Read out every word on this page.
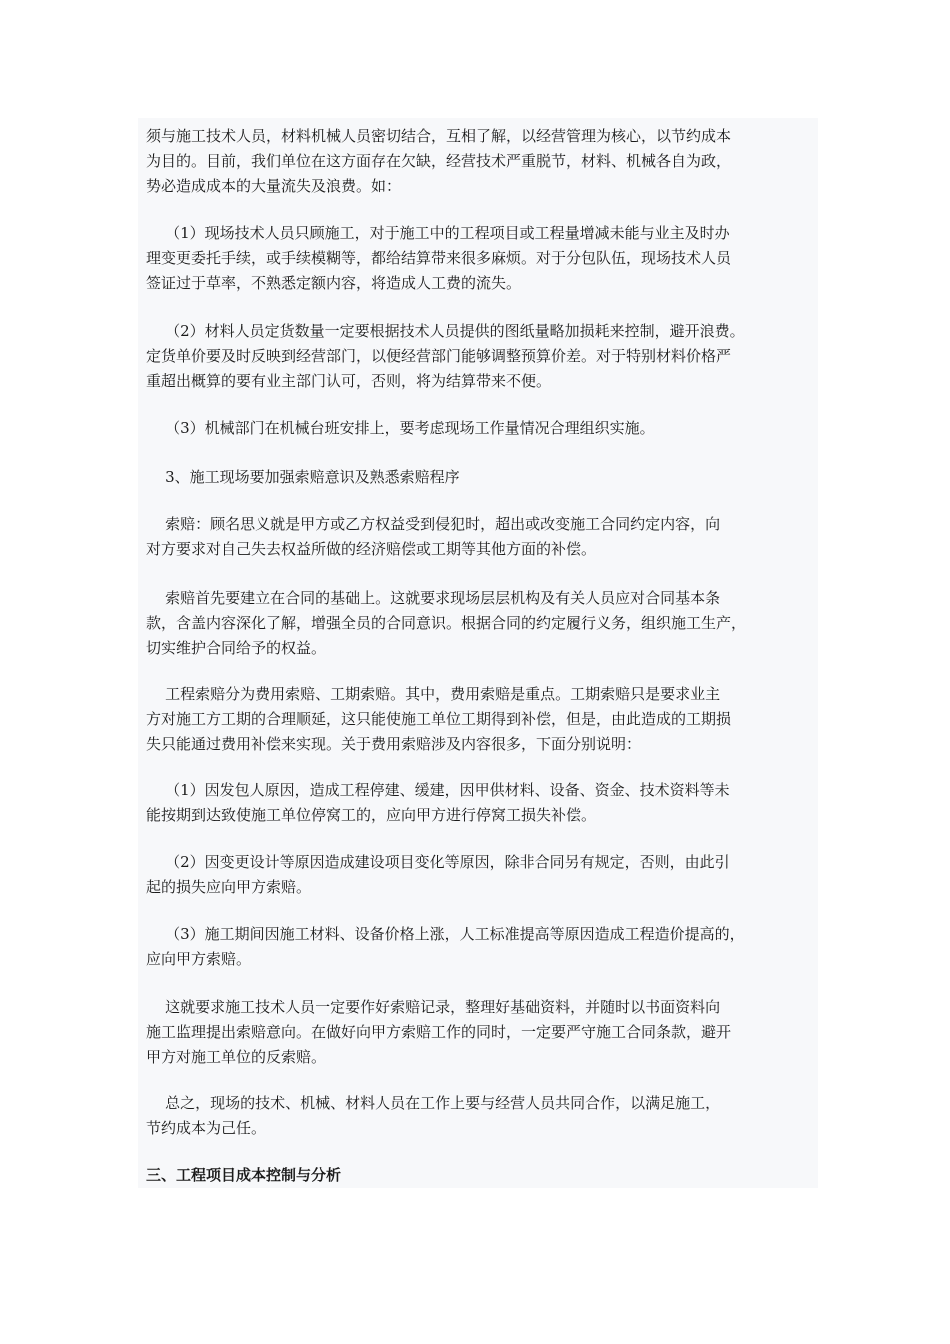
须与施工技术人员，材料机械人员密切结合，互相了解，以经营管理为核心，以节约成本
为目的。目前，我们单位在这方面存在欠缺，经营技术严重脱节，材料、机械各自为政，
势必造成成本的大量流失及浪费。如：

（1）现场技术人员只顾施工，对于施工中的工程项目或工程量增减未能与业主及时办
理变更委托手续，或手续模糊等，都给结算带来很多麻烦。对于分包队伍，现场技术人员
签证过于草率，不熟悉定额内容，将造成人工费的流失。

（2）材料人员定货数量一定要根据技术人员提供的图纸量略加损耗来控制，避开浪费。
定货单价要及时反映到经营部门，以便经营部门能够调整预算价差。对于特别材料价格严
重超出概算的要有业主部门认可，否则，将为结算带来不便。

（3）机械部门在机械台班安排上，要考虑现场工作量情况合理组织实施。

3、施工现场要加强索赔意识及熟悉索赔程序

索赔：顾名思义就是甲方或乙方权益受到侵犯时，超出或改变施工合同约定内容，向
对方要求对自己失去权益所做的经济赔偿或工期等其他方面的补偿。

索赔首先要建立在合同的基础上。这就要求现场层层机构及有关人员应对合同基本条
款，含盖内容深化了解，增强全员的合同意识。根据合同的约定履行义务，组织施工生产，
切实维护合同给予的权益。

工程索赔分为费用索赔、工期索赔。其中，费用索赔是重点。工期索赔只是要求业主
方对施工方工期的合理顺延，这只能使施工单位工期得到补偿，但是，由此造成的工期损
失只能通过费用补偿来实现。关于费用索赔涉及内容很多，下面分别说明：

（1）因发包人原因，造成工程停建、缓建，因甲供材料、设备、资金、技术资料等未
能按期到达致使施工单位停窝工的，应向甲方进行停窝工损失补偿。

（2）因变更设计等原因造成建设项目变化等原因，除非合同另有规定，否则，由此引
起的损失应向甲方索赔。

（3）施工期间因施工材料、设备价格上涨，人工标准提高等原因造成工程造价提高的，
应向甲方索赔。

这就要求施工技术人员一定要作好索赔记录，整理好基础资料，并随时以书面资料向
施工监理提出索赔意向。在做好向甲方索赔工作的同时，一定要严守施工合同条款，避开
甲方对施工单位的反索赔。

总之，现场的技术、机械、材料人员在工作上要与经营人员共同合作，以满足施工，
节约成本为己任。

三、工程项目成本控制与分析
